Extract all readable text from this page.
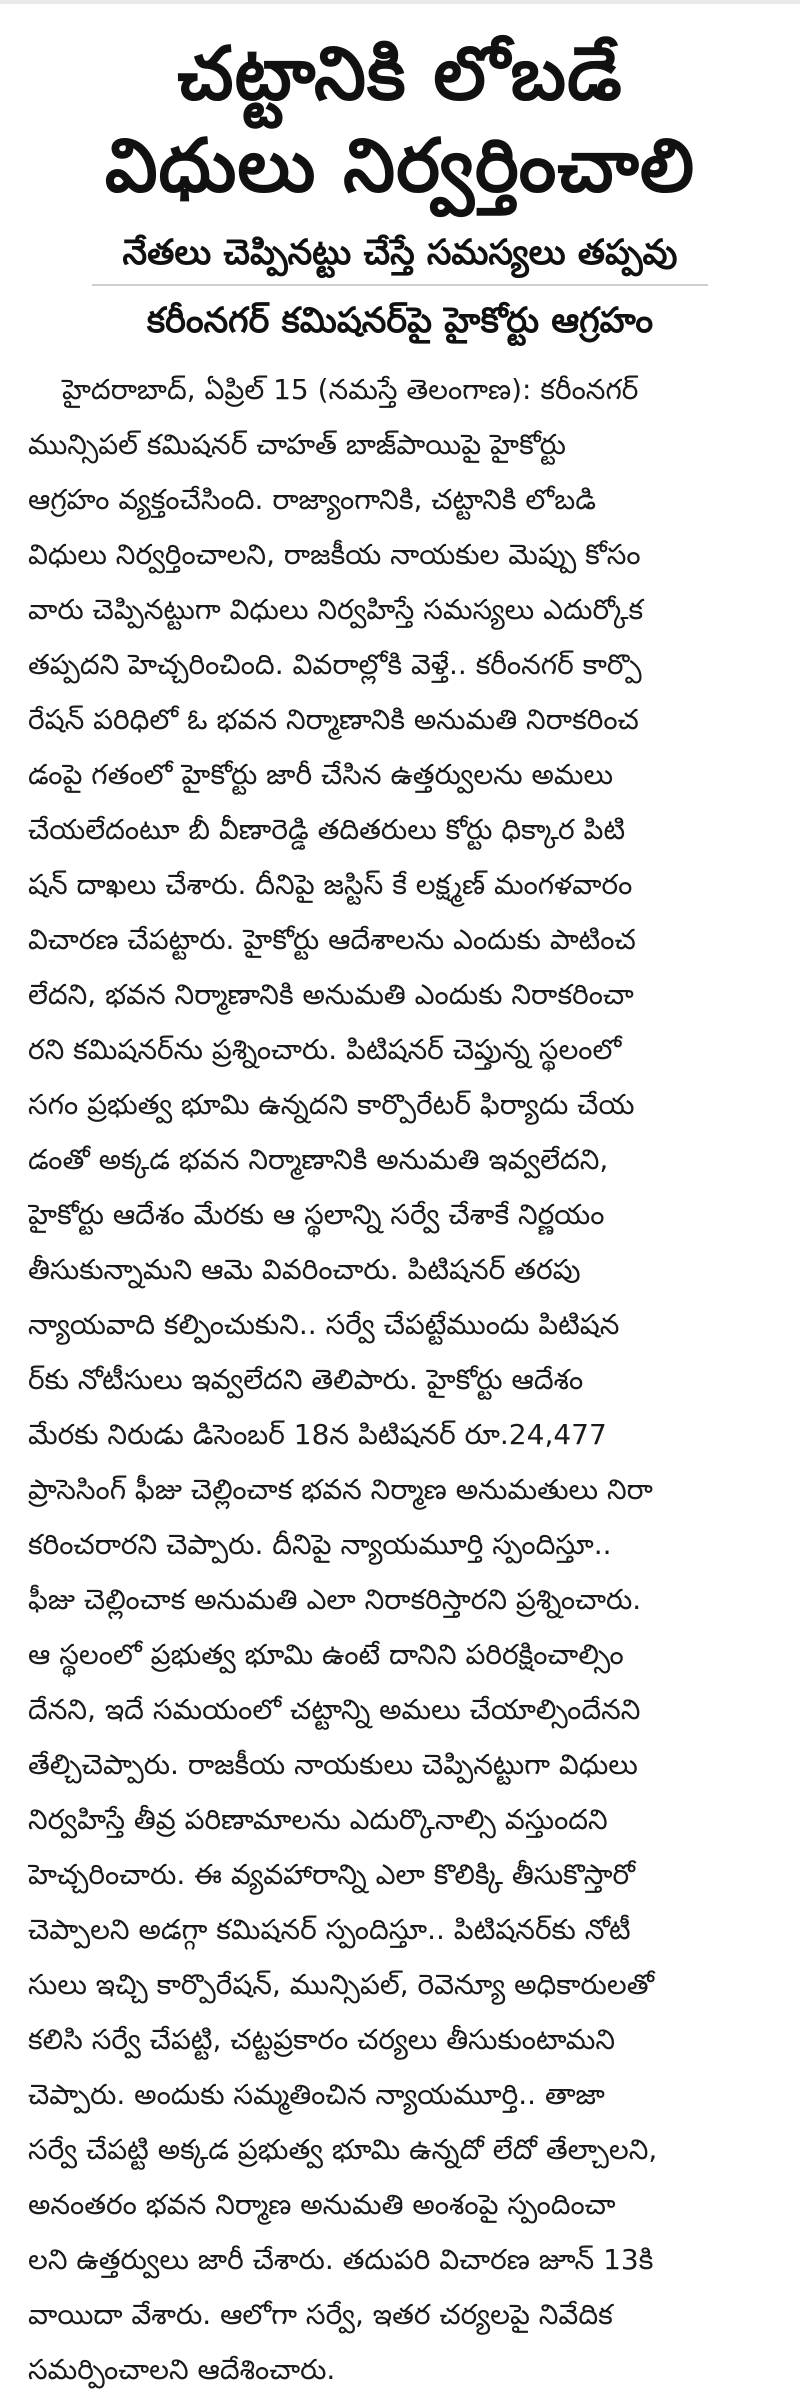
చట్టానికి లోబడే
విధులు నిర్వర్తించాలి
నేతలు చెప్పినట్టు చేస్తే సమస్యలు తప్పవు
కరీంనగర్ కమిషనర్‌పై హైకోర్టు ఆగ్రహం
హైదరాబాద్, ఏప్రిల్ 15 (నమస్తే తెలంగాణ): కరీంనగర్
మున్సిపల్ కమిషనర్ చాహత్ బాజ్‌పాయిపై హైకోర్టు
ఆగ్రహం వ్యక్తంచేసింది. రాజ్యాంగానికి, చట్టానికి లోబడి
విధులు నిర్వర్తించాలని, రాజకీయ నాయకుల మెప్పు కోసం
వారు చెప్పినట్టుగా విధులు నిర్వహిస్తే సమస్యలు ఎదుర్కోక
తప్పదని హెచ్చరించింది. వివరాల్లోకి వెళ్తే.. కరీంనగర్ కార్పొ
రేషన్ పరిధిలో ఓ భవన నిర్మాణానికి అనుమతి నిరాకరించ
డంపై గతంలో హైకోర్టు జారీ చేసిన ఉత్తర్వులను అమలు
చేయలేదంటూ బీ వీణారెడ్డి తదితరులు కోర్టు ధిక్కార పిటి
షన్ దాఖలు చేశారు. దీనిపై జస్టిస్ కే లక్ష్మణ్ మంగళవారం
విచారణ చేపట్టారు. హైకోర్టు ఆదేశాలను ఎందుకు పాటించ
లేదని, భవన నిర్మాణానికి అనుమతి ఎందుకు నిరాకరించా
రని కమిషనర్‌ను ప్రశ్నించారు. పిటిషనర్ చెప్తున్న స్థలంలో
సగం ప్రభుత్వ భూమి ఉన్నదని కార్పొరేటర్ ఫిర్యాదు చేయ
డంతో అక్కడ భవన నిర్మాణానికి అనుమతి ఇవ్వలేదని,
హైకోర్టు ఆదేశం మేరకు ఆ స్థలాన్ని సర్వే చేశాకే నిర్ణయం
తీసుకున్నామని ఆమె వివరించారు. పిటిషనర్ తరపు
న్యాయవాది కల్పించుకుని.. సర్వే చేపట్టేముందు పిటిషన
ర్‌కు నోటీసులు ఇవ్వలేదని తెలిపారు. హైకోర్టు ఆదేశం
మేరకు నిరుడు డిసెంబర్ 18న పిటిషనర్ రూ.24,477
ప్రాసెసింగ్ ఫీజు చెల్లించాక భవన నిర్మాణ అనుమతులు నిరా
కరించరారని చెప్పారు. దీనిపై న్యాయమూర్తి స్పందిస్తూ..
ఫీజు చెల్లించాక అనుమతి ఎలా నిరాకరిస్తారని ప్రశ్నించారు.
ఆ స్థలంలో ప్రభుత్వ భూమి ఉంటే దానిని పరిరక్షించాల్సిం
దేనని, ఇదే సమయంలో చట్టాన్ని అమలు చేయాల్సిందేనని
తేల్చిచెప్పారు. రాజకీయ నాయకులు చెప్పినట్టుగా విధులు
నిర్వహిస్తే తీవ్ర పరిణామాలను ఎదుర్కొనాల్సి వస్తుందని
హెచ్చరించారు. ఈ వ్యవహారాన్ని ఎలా కొలిక్కి తీసుకొస్తారో
చెప్పాలని అడగ్గా కమిషనర్ స్పందిస్తూ.. పిటిషనర్‌కు నోటీ
సులు ఇచ్చి కార్పొరేషన్, మున్సిపల్, రెవెన్యూ అధికారులతో
కలిసి సర్వే చేపట్టి, చట్టప్రకారం చర్యలు తీసుకుంటామని
చెప్పారు. అందుకు సమ్మతించిన న్యాయమూర్తి.. తాజా
సర్వే చేపట్టి అక్కడ ప్రభుత్వ భూమి ఉన్నదో లేదో తేల్చాలని,
అనంతరం భవన నిర్మాణ అనుమతి అంశంపై స్పందించా
లని ఉత్తర్వులు జారీ చేశారు. తదుపరి విచారణ జూన్ 13కి
వాయిదా వేశారు. ఆలోగా సర్వే, ఇతర చర్యలపై నివేదిక
సమర్పించాలని ఆదేశించారు.
